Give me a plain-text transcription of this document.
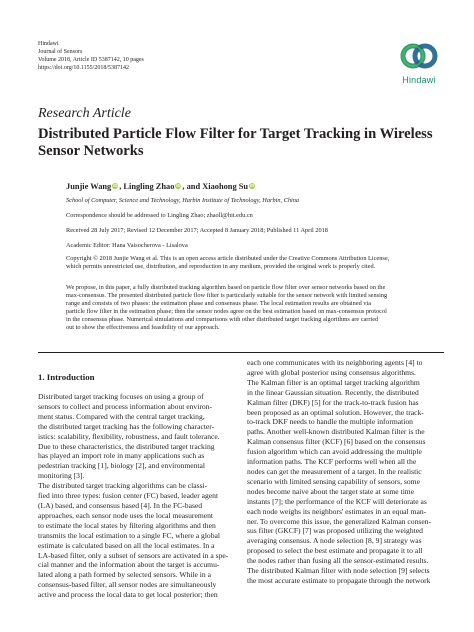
Hindawi
Journal of Sensors
Volume 2018, Article ID 5387142, 10 pages
https://doi.org/10.1155/2018/5387142
Hindawi
Research Article
Distributed Particle Flow Filter for Target Tracking in Wireless Sensor Networks
Junjie Wang iD , Lingling Zhao iD , and Xiaohong Su iD
School of Computer, Science and Technology, Harbin Institute of Technology, Harbin, China
Correspondence should be addressed to Lingling Zhao; zhaoll@hit.edu.cn
Received 28 July 2017; Revised 12 December 2017; Accepted 8 January 2018; Published 11 April 2018
Academic Editor: Hana Vaisocherova - Lisalova
Copyright © 2018 Junjie Wang et al. This is an open access article distributed under the Creative Commons Attribution License,
which permits unrestricted use, distribution, and reproduction in any medium, provided the original work is properly cited.
We propose, in this paper, a fully distributed tracking algorithm based on particle flow filter over sensor networks based on the
max-consensus. The presented distributed particle flow filter is particularly suitable for the sensor network with limited sensing
range and consists of two phases: the estimation phase and consensus phase. The local estimation results are obtained via
particle flow filter in the estimation phase; then the sensor nodes agree on the best estimation based on max-consensus protocol
in the consensus phase. Numerical simulations and comparisons with other distributed target tracking algorithms are carried
out to show the effectiveness and feasibility of our approach.
1. Introduction
Distributed target tracking focuses on using a group of
sensors to collect and process information about environ-
ment status. Compared with the central target tracking,
the distributed target tracking has the following character-
istics: scalability, flexibility, robustness, and fault tolerance.
Due to these characteristics, the distributed target tracking
has played an import role in many applications such as
pedestrian tracking [1], biology [2], and environmental
monitoring [3].
The distributed target tracking algorithms can be classi-
fied into three types: fusion center (FC) based, leader agent
(LA) based, and consensus based [4]. In the FC-based
approaches, each sensor node uses the local measurement
to estimate the local states by filtering algorithms and then
transmits the local estimation to a single FC, where a global
estimate is calculated based on all the local estimates. In a
LA-based filter, only a subset of sensors are activated in a spe-
cial manner and the information about the target is accumu-
lated along a path formed by selected sensors. While in a
consensus-based filter, all sensor nodes are simultaneously
active and process the local data to get local posterior; then
each one communicates with its neighboring agents [4] to
agree with global posterior using consensus algorithms.
The Kalman filter is an optimal target tracking algorithm
in the linear Gaussian situation. Recently, the distributed
Kalman filter (DKF) [5] for the track-to-track fusion has
been proposed as an optimal solution. However, the track-
to-track DKF needs to handle the multiple information
paths. Another well-known distributed Kalman filter is the
Kalman consensus filter (KCF) [6] based on the consensus
fusion algorithm which can avoid addressing the multiple
information paths. The KCF performs well when all the
nodes can get the measurement of a target. In the realistic
scenario with limited sensing capability of sensors, some
nodes become naive about the target state at some time
instants [7]; the performance of the KCF will deteriorate as
each node weighs its neighbors' estimates in an equal man-
ner. To overcome this issue, the generalized Kalman consen-
sus filter (GKCF) [7] was proposed utilizing the weighted
averaging consensus. A node selection [8, 9] strategy was
proposed to select the best estimate and propagate it to all
the nodes rather than fusing all the sensor-estimated results.
The distributed Kalman filter with node selection [9] selects
the most accurate estimate to propagate through the network
